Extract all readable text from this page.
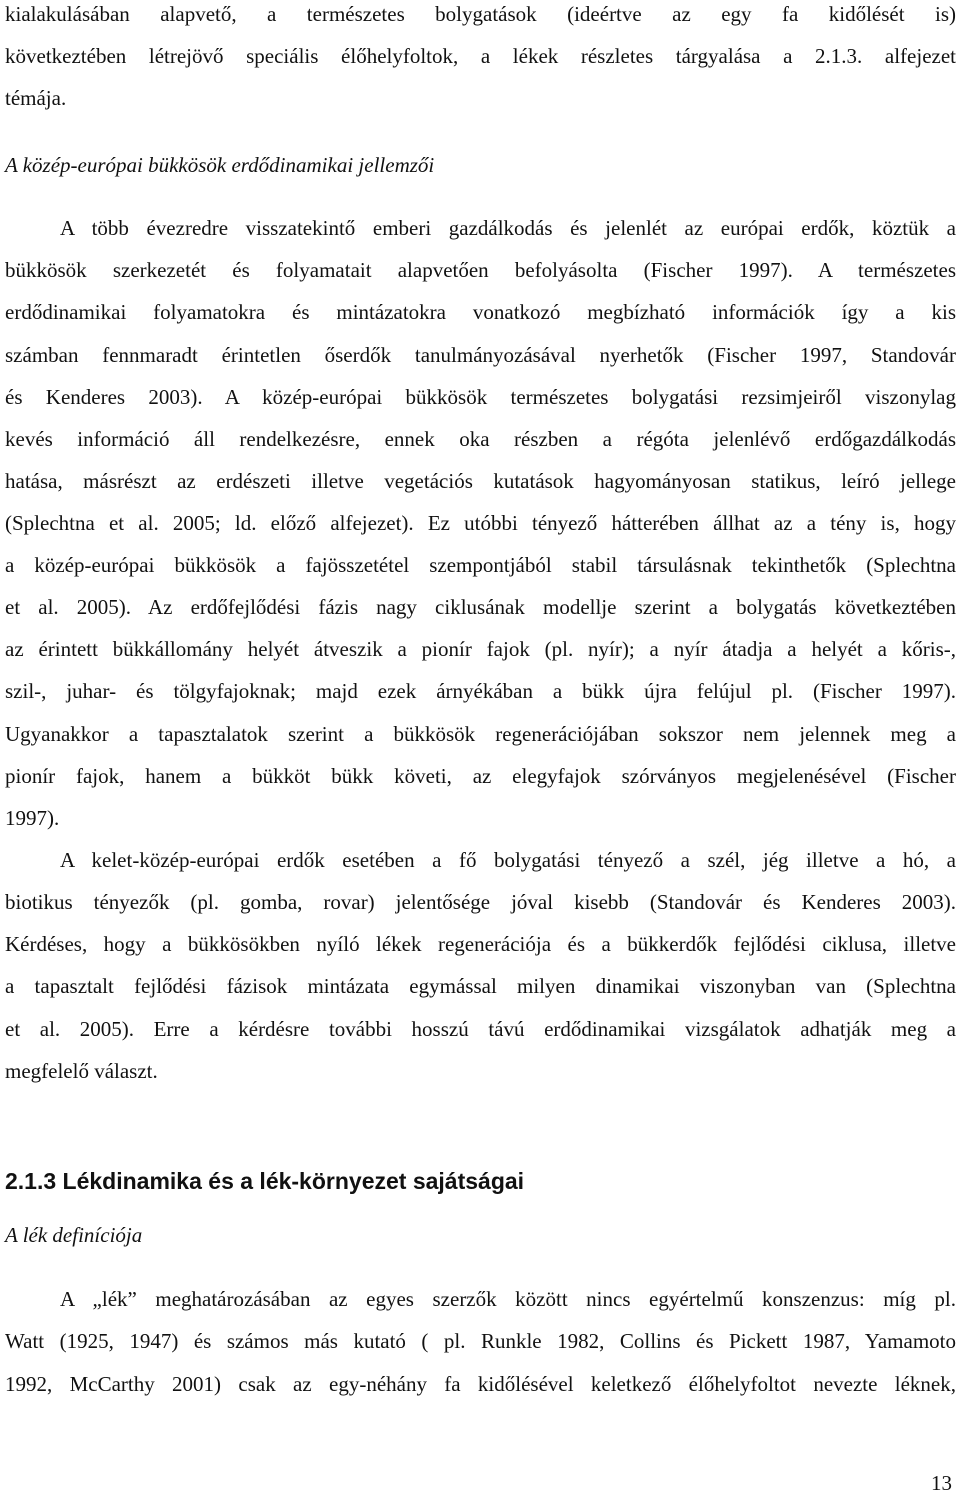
kialakulásában alapvető, a természetes bolygatások (ideértve az egy fa kidőlését is)
következtében létrejövő speciális élőhelyfoltok, a lékek részletes tárgyalása a 2.1.3. alfejezet
témája.
A közép-európai bükkösök erdődinamikai jellemzői
A több évezredre visszatekintő emberi gazdálkodás és jelenlét az európai erdők, köztük a
bükkösök szerkezetét és folyamatait alapvetően befolyásolta (Fischer 1997). A természetes
erdődinamikai folyamatokra és mintázatokra vonatkozó megbízható információk így a kis
számban fennmaradt érintetlen őserdők tanulmányozásával nyerhetők (Fischer 1997, Standovár
és Kenderes 2003). A közép-európai bükkösök természetes bolygatási rezsimjeiről viszonylag
kevés információ áll rendelkezésre, ennek oka részben a régóta jelenlévő erdőgazdálkodás
hatása, másrészt az erdészeti illetve vegetációs kutatások hagyományosan statikus, leíró jellege
(Splechtna et al. 2005; ld. előző alfejezet). Ez utóbbi tényező hátterében állhat az a tény is, hogy
a közép-európai bükkösök a fajösszetétel szempontjából stabil társulásnak tekinthetők (Splechtna
et al. 2005). Az erdőfejlődési fázis nagy ciklusának modellje szerint a bolygatás következtében
az érintett bükkállomány helyét átveszik a pionír fajok (pl. nyír); a nyír átadja a helyét a kőris-,
szil-, juhar- és tölgyfajoknak; majd ezek árnyékában a bükk újra felújul pl. (Fischer 1997).
Ugyanakkor a tapasztalatok szerint a bükkösök regenerációjában sokszor nem jelennek meg a
pionír fajok, hanem a bükköt bükk követi, az elegyfajok szórványos megjelenésével (Fischer
1997).
A kelet-közép-európai erdők esetében a fő bolygatási tényező a szél, jég illetve a hó, a
biotikus tényezők (pl. gomba, rovar) jelentősége jóval kisebb (Standovár és Kenderes 2003).
Kérdéses, hogy a bükkösökben nyíló lékek regenerációja és a bükkerdők fejlődési ciklusa, illetve
a tapasztalt fejlődési fázisok mintázata egymással milyen dinamikai viszonyban van (Splechtna
et al. 2005). Erre a kérdésre további hosszú távú erdődinamikai vizsgálatok adhatják meg a
megfelelő választ.
2.1.3 Lékdinamika és a lék-környezet sajátságai
A lék definíciója
A „lék” meghatározásában az egyes szerzők között nincs egyértelmű konszenzus: míg pl.
Watt (1925, 1947) és számos más kutató ( pl. Runkle 1982, Collins és Pickett 1987, Yamamoto
1992, McCarthy 2001) csak az egy-néhány fa kidőlésével keletkező élőhelyfoltot nevezte léknek,
13
